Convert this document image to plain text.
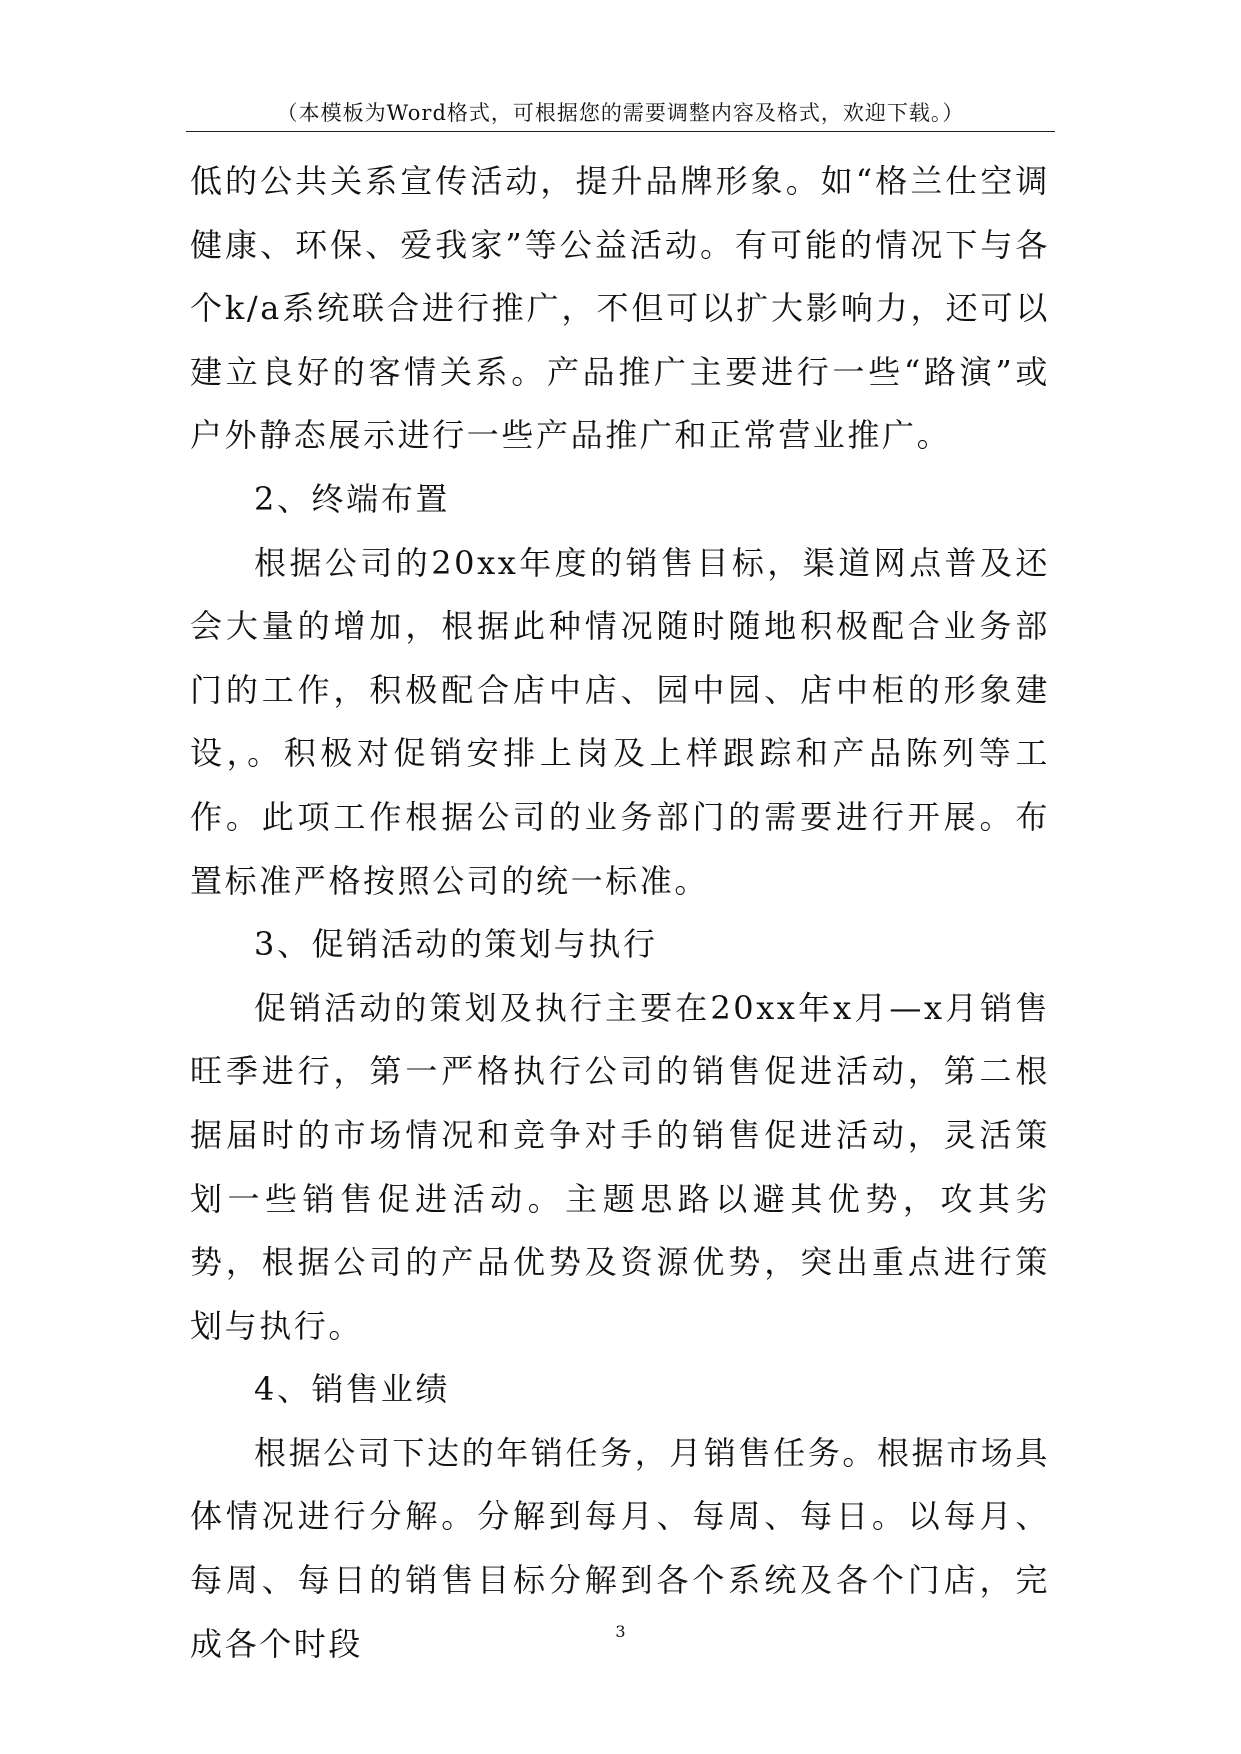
（本模板为Word格式，可根据您的需要调整内容及格式，欢迎下载。）

低的公共关系宣传活动，提升品牌形象。如“格兰仕空调健康、环保、爱我家”等公益活动。有可能的情况下与各个k/a系统联合进行推广，不但可以扩大影响力，还可以建立良好的客情关系。产品推广主要进行一些“路演”或户外静态展示进行一些产品推广和正常营业推广。

2、终端布置

根据公司的20xx年度的销售目标，渠道网点普及还会大量的增加，根据此种情况随时随地积极配合业务部门的工作，积极配合店中店、园中园、店中柜的形象建设，。积极对促销安排上岗及上样跟踪和产品陈列等工作。此项工作根据公司的业务部门的需要进行开展。布置标准严格按照公司的统一标准。

3、促销活动的策划与执行

促销活动的策划及执行主要在20xx年x月—x月销售旺季进行，第一严格执行公司的销售促进活动，第二根据届时的市场情况和竞争对手的销售促进活动，灵活策划一些销售促进活动。主题思路以避其优势，攻其劣势，根据公司的产品优势及资源优势，突出重点进行策划与执行。

4、销售业绩

根据公司下达的年销任务，月销售任务。根据市场具体情况进行分解。分解到每月、每周、每日。以每月、每周、每日的销售目标分解到各个系统及各个门店，完成各个时段	3
